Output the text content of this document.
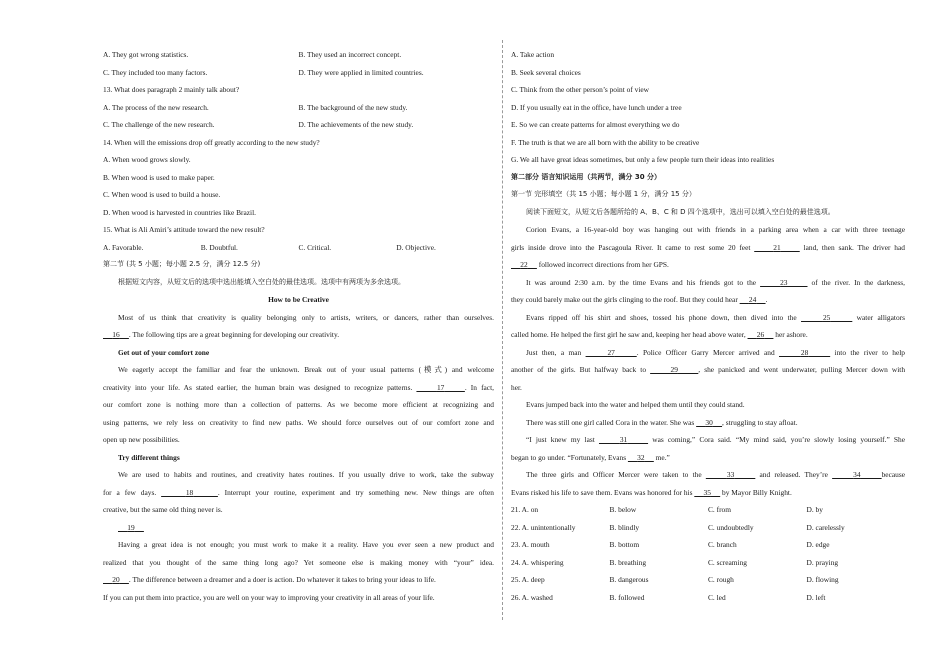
A. They got wrong statistics.	B. They used an incorrect concept.
C. They included too many factors.	D. They were applied in limited countries.
13. What does paragraph 2 mainly talk about?
A. The process of the new research.	B. The background of the new study.
C. The challenge of the new research.	D. The achievements of the new study.
14. When will the emissions drop off greatly according to the new study?
A. When wood grows slowly.
B. When wood is used to make paper.
C. When wood is used to build a house.
D. When wood is harvested in countries like Brazil.
15. What is Ali Amiri’s attitude toward the new result?
A. Favorable.	B. Doubtful.	C. Critical.	D. Objective.
第二节 (共 5 小题；每小题 2.5 分，满分 12.5 分)
根据短文内容，从短文后的选项中选出能填入空白处的最佳选项。选项中有两项为多余选项。
How to be Creative
Most of us think that creativity is quality belonging only to artists, writers, or dancers, rather than ourselves.
16 . The following tips are a great beginning for developing our creativity.
Get out of your comfort zone
We eagerly accept the familiar and fear the unknown. Break out of your usual patterns (模式) and welcome
creativity into your life. As stated earlier, the human brain was designed to recognize patterns.	17	. In fact,
our comfort zone is nothing more than a collection of patterns. As we become more efficient at recognizing and
using patterns, we rely less on creativity to find new paths. We should force ourselves out of our comfort zone and
open up new possibilities.
Try different things
We are used to habits and routines, and creativity hates routines. If you usually drive to work, take the subway
for a few days.	18	. Interrupt your routine, experiment and try something new. New things are often
creative, but the same old thing never is.
19
Having a great idea is not enough; you must work to make it a reality. Have you ever seen a new product and
realized that you thought of the same thing long ago? Yet someone else is making money with “your” idea.
20 . The difference between a dreamer and a doer is action. Do whatever it takes to bring your ideas to life.
If you can put them into practice, you are well on your way to improving your creativity in all areas of your life.
A. Take action
B. Seek several choices
C. Think from the other person’s point of view
D. If you usually eat in the office, have lunch under a tree
E. So we can create patterns for almost everything we do
F. The truth is that we are all born with the ability to be creative
G. We all have great ideas sometimes, but only a few people turn their ideas into realities
第二部分 语言知识运用（共两节，满分 30 分）
第一节 完形填空（共 15 小题；每小题 1 分，满分 15 分）
阅读下面短文，从短文后各题所给的 A、B、C 和 D 四个选项中，选出可以填入空白处的最佳选项。
Corion Evans, a 16-year-old boy was hanging out with friends in a parking area when a car with three teenage
girls inside drove into the Pascagoula River. It came to rest some 20 feet	21	land, then sank. The driver had
22      followed incorrect directions from her GPS.
It was around 2:30 a.m. by the time Evans and his friends got to the	23	of the river. In the darkness,
they could barely make out the girls clinging to the roof. But they could hear      24 .
Evans ripped off his shirt and shoes, tossed his phone down, then dived into the	25	water alligators
called home. He helped the first girl he saw and, keeping her head above water,      26      her ashore.
Just then, a man	27	. Police Officer Garry Mercer arrived and	28	into the river to help
another of the girls. But halfway back to	29	, she panicked and went underwater, pulling Mercer down with
her.
Evans jumped back into the water and helped them until they could stand.
There was still one girl called Cora in the water. She was      30 , struggling to stay afloat.
“I just knew my last	31	was coming,” Cora said. “My mind said, you’re slowly losing yourself.” She
began to go under. “Fortunately, Evans      32      me.”
The three girls and Officer Mercer were taken to the	33	and released. They’re	34	because
Evans risked his life to save them. Evans was honored for his      35      by Mayor Billy Knight.
21. A. on	B. below	C. from	D. by
22. A. unintentionally	B. blindly	C. undoubtedly	D. carelessly
23. A. mouth	B. bottom	C. branch	D. edge
24. A. whispering	B. breathing	C. screaming	D. praying
25. A. deep	B. dangerous	C. rough	D. flowing
26. A. washed	B. followed	C. led	D. left
